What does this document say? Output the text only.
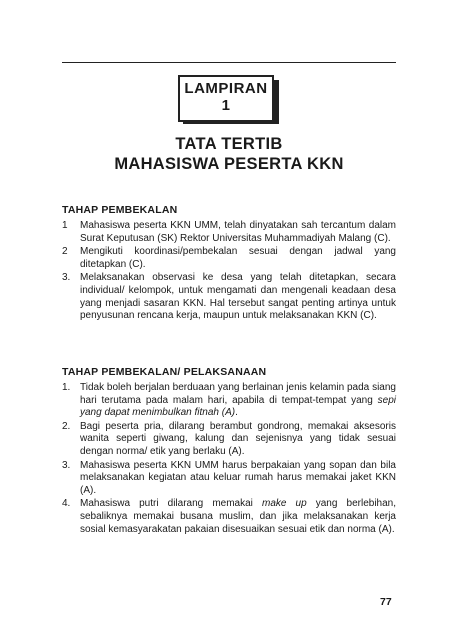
LAMPIRAN
1
TATA TERTIB
MAHASISWA PESERTA KKN
TAHAP PEMBEKALAN
1	Mahasiswa peserta KKN UMM, telah dinyatakan sah tercantum dalam Surat Keputusan (SK) Rektor Universitas Muhammadiyah Malang (C).
2	Mengikuti koordinasi/pembekalan sesuai dengan jadwal yang ditetapkan (C).
3. Melaksanakan observasi ke desa yang telah ditetapkan, secara individual/ kelompok, untuk mengamati dan mengenali keadaan desa yang menjadi sasaran KKN. Hal tersebut sangat penting artinya untuk penyusunan rencana kerja, maupun untuk melaksanakan KKN (C).
TAHAP PEMBEKALAN/ PELAKSANAAN
1. Tidak boleh berjalan berduaan yang berlainan jenis kelamin pada siang hari terutama pada malam hari, apabila di tempat-tempat yang sepi yang dapat menimbulkan fitnah (A).
2. Bagi peserta pria, dilarang berambut gondrong, memakai aksesoris wanita seperti giwang, kalung dan sejenisnya yang tidak sesuai dengan norma/ etik yang berlaku (A).
3. Mahasiswa peserta KKN UMM harus berpakaian yang sopan dan bila melaksanakan kegiatan atau keluar rumah harus memakai jaket KKN (A).
4. Mahasiswa putri dilarang memakai make up yang berlebihan, sebaliknya memakai busana muslim, dan jika melaksanakan kerja sosial kemasyarakatan pakaian disesuaikan sesuai etik dan norma (A).
77
